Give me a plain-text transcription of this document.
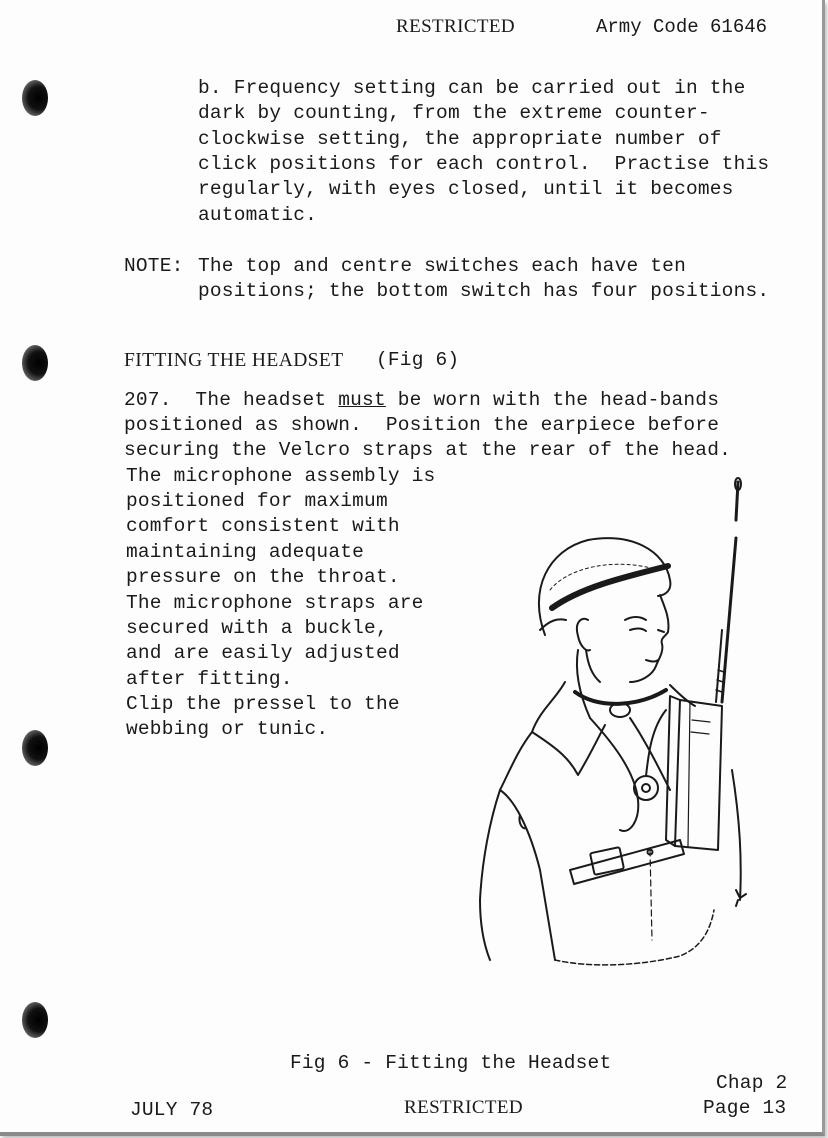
RESTRICTED	Army Code 61646
b. Frequency setting can be carried out in the
dark by counting, from the extreme counter-
clockwise setting, the appropriate number of
click positions for each control.  Practise this
regularly, with eyes closed, until it becomes
automatic.
NOTE: The top and centre switches each have ten
positions; the bottom switch has four positions.
FITTING THE HEADSET (Fig 6)
207.  The headset must be worn with the head-bands
positioned as shown.  Position the earpiece before
securing the Velcro straps at the rear of the head.
The microphone assembly is
positioned for maximum
comfort consistent with
maintaining adequate
pressure on the throat.
The microphone straps are
secured with a buckle,
and are easily adjusted
after fitting.
Clip the pressel to the
webbing or tunic.
Fig 6 - Fitting the Headset
Chap 2
JULY 78	RESTRICTED	Page 13
